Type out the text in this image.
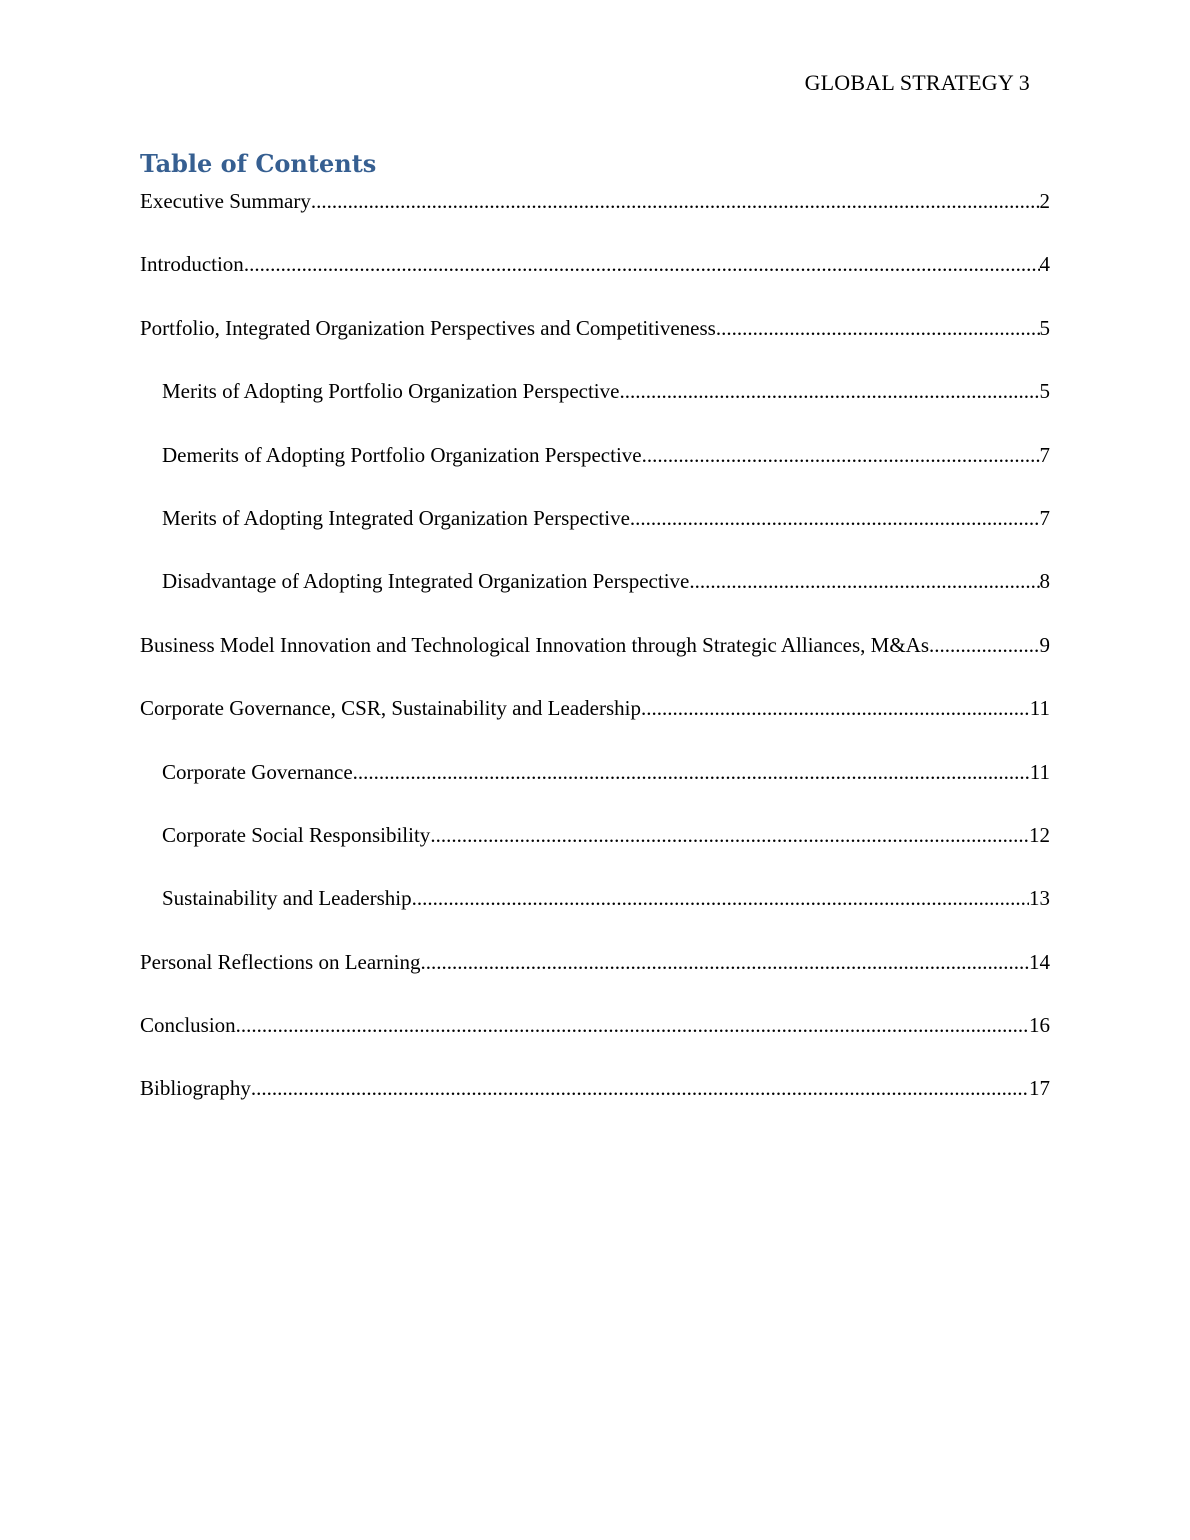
GLOBAL STRATEGY 3
Table of Contents
Executive Summary .....	2
Introduction .....	4
Portfolio, Integrated Organization Perspectives and Competitiveness .....	5
Merits of Adopting Portfolio Organization Perspective .....	5
Demerits of Adopting Portfolio Organization Perspective .....	7
Merits of Adopting Integrated Organization Perspective .....	7
Disadvantage of Adopting Integrated Organization Perspective .....	8
Business Model Innovation and Technological Innovation through Strategic Alliances, M&As. .....	9
Corporate Governance, CSR, Sustainability and Leadership .....	11
Corporate Governance .....	11
Corporate Social Responsibility .....	12
Sustainability and Leadership .....	13
Personal Reflections on Learning .....	14
Conclusion .....	16
Bibliography .....	17
